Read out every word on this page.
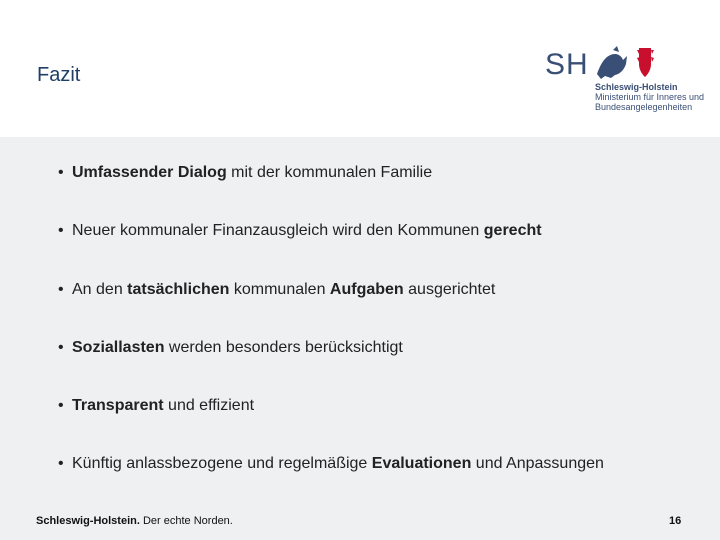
Fazit	SH
Schleswig-Holstein
Ministerium für Inneres und
Bundesangelegenheiten
• Umfassender Dialog mit der kommunalen Familie
• Neuer kommunaler Finanzausgleich wird den Kommunen gerecht
• An den tatsächlichen kommunalen Aufgaben ausgerichtet
• Soziallasten werden besonders berücksichtigt
• Transparent und effizient
• Künftig anlassbezogene und regelmäßige Evaluationen und Anpassungen
Schleswig-Holstein. Der echte Norden.	16
